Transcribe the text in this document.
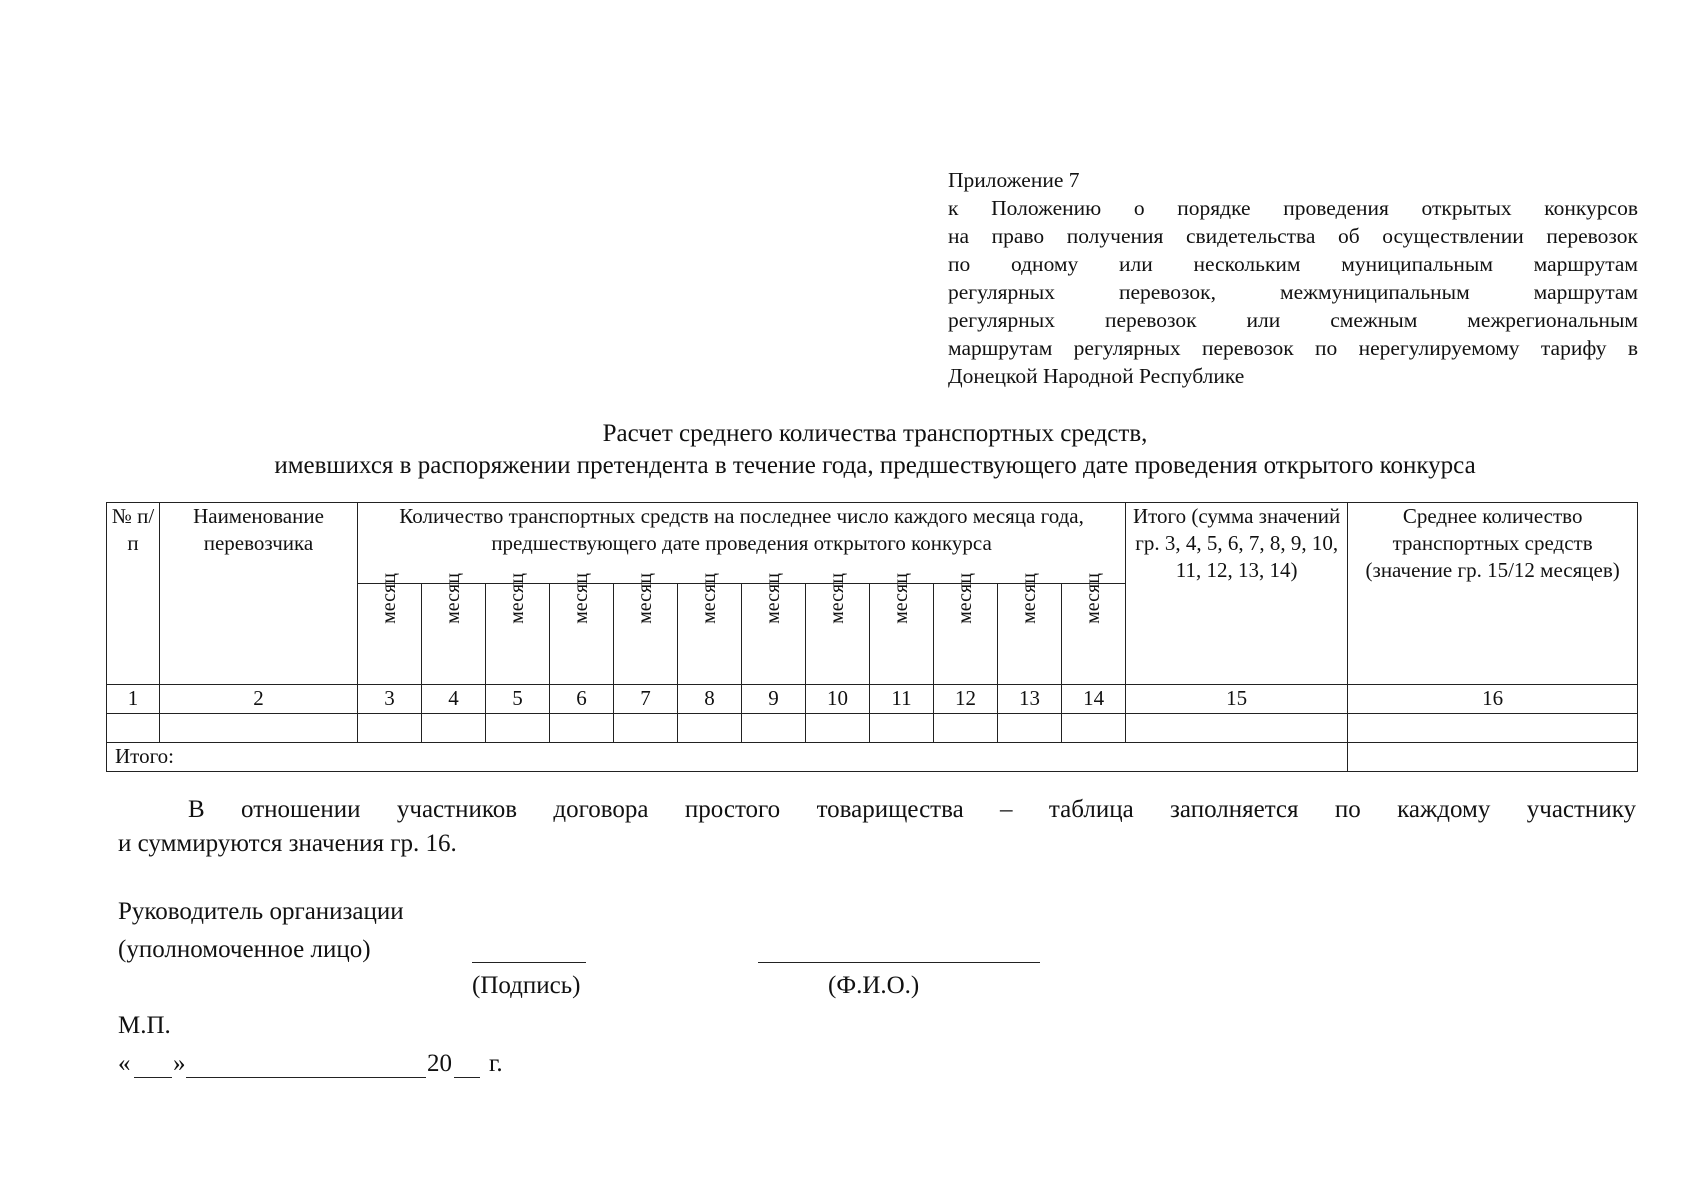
Приложение 7
к Положению о порядке проведения открытых конкурсов
на право получения свидетельства об осуществлении перевозок
по одному или нескольким муниципальным маршрутам
регулярных перевозок, межмуниципальным маршрутам
регулярных перевозок или смежным межрегиональным
маршрутам регулярных перевозок по нерегулируемому тарифу в
Донецкой Народной Республике
Расчет среднего количества транспортных средств,
имевшихся в распоряжении претендента в течение года, предшествующего дате проведения открытого конкурса
№ п/п	Наименование перевозчика	Количество транспортных средств на последнее число каждого месяца года, предшествующего дате проведения открытого конкурса												Итого (сумма значений гр. 3, 4, 5, 6, 7, 8, 9, 10, 11, 12, 13, 14)	Среднее количество транспортных средств (значение гр. 15/12 месяцев)
		месяц	месяц	месяц	месяц	месяц	месяц	месяц	месяц	месяц	месяц	месяц	месяц		
1	2	3	4	5	6	7	8	9	10	11	12	13	14	15	16

Итого:															
В отношении участников договора простого товарищества – таблица заполняется по каждому участнику
и суммируются значения гр. 16.
Руководитель организации
(уполномоченное лицо)
(Подпись)	(Ф.И.О.)
М.П.
« »	20 г.
